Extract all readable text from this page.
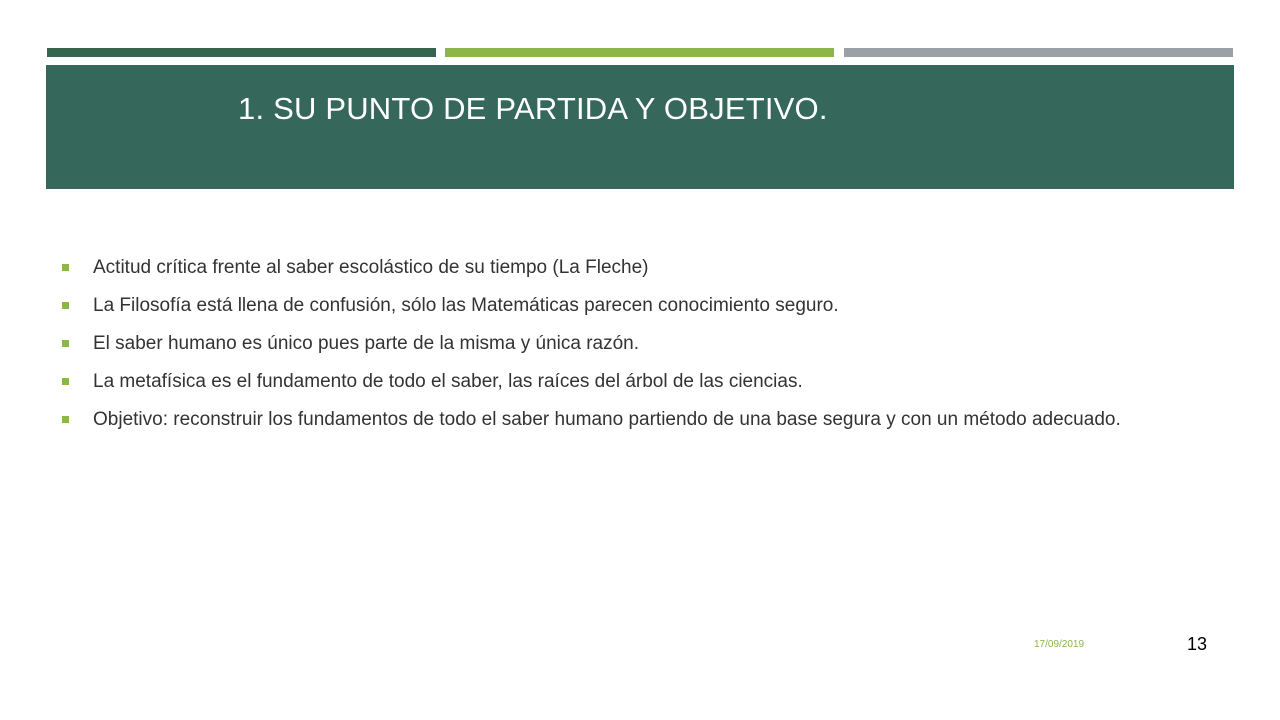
1. SU PUNTO DE PARTIDA Y OBJETIVO.
Actitud crítica frente al saber escolástico de su tiempo (La Fleche)
La Filosofía está llena de confusión, sólo las Matemáticas parecen conocimiento seguro.
El saber humano es único pues parte de la misma y única razón.
La metafísica es el fundamento de todo el saber, las raíces del árbol de las ciencias.
Objetivo: reconstruir los fundamentos de todo el saber humano partiendo de una base segura y con un método adecuado.
17/09/2019	13
